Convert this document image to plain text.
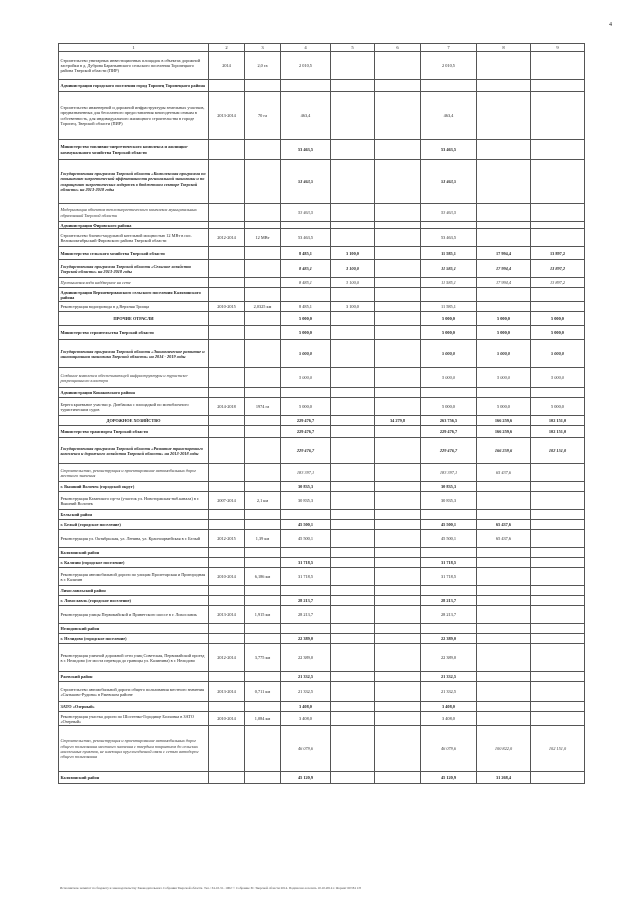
4
1	2	3	4	5	6	7	8	9
Строительство унитарных инвестиционных площадок в объектах дорожной застройки в д. Дуброва Бараньинского сельского поселения Торопецкого района Тверской области (ПИР)	2014	2,0 га	2 010,5			2 010,5		
Администрация городского поселения город Торопец Торопецкого района								
Строительство инженерной и дорожной инфраструктуры земельных участков, предназначенных для бесплатного предоставления многодетным семьям в собственность, для индивидуального жилищного строительства в городе Торопец, Тверской области (ПИР)	2013-2014	70 га	463,4			463,4		
Министерство топливно-энергетического комплекса и жилищно-коммунального хозяйства Тверской области			53 463,5			53 463,5		
Государственная программа Тверской области «Комплексная программа по повышению энергетической эффективности региональной экономики и по сокращению энергетических издержек в бюджетном секторе Тверской области» на 2013-2018 годы			53 463,5			53 463,5		
Модернизация объектов теплоэнергетического комплекса муниципальных образований Тверской области			53 463,5			53 463,5		
Администрация Фировского района								
Строительство блочно-модульной котельной мощностью 12 МВт в пос. Великооктябрьский Фировского района Тверской области	2012-2014	12 МВт	53 463,5			53 463,5		
Министерство сельского хозяйства Тверской области			8 485,1	3 100,0		11 585,1	17 994,4	13 897,2
Государственная программа Тверской области «Сельское хозяйство Тверской области» на 2013-2018 годы			8 485,1	3 100,0		11 585,1	17 994,4	13 897,2
Пустышевая вода наддверное на сете			8 485,1	3 100,0		11 585,1	17 994,4	13 897,2
Администрация Верхневерманского сельского поселения Калязинского района								
Реконструкция водопровода в д.Верхняя Троица	2010-2015	2,0325 км	8 485,1	3 100,0		11 585,1		
ПРОЧИЕ ОТРАСЛИ			5 000,0			5 000,0	5 000,0	5 000,0
Министерство строительства Тверской области			5 000,0			5 000,0	5 000,0	5 000,0
Государственная программа Тверской области «Экономическое развитие и инновационная экономика Тверской области» на 2014 - 2019 годы			5 000,0			5 000,0	5 000,0	5 000,0
Создание комплекса обеспечивающей инфраструктуры и туристско-рекреационного кластера			5 000,0			5 000,0	5 000,0	5 000,0
Администрация Конаковского района								
Берега краевьное участки р. Донбашка с площадкой по моноблочного туристическим судов	2014-2018	1974 га	5 000,0			5 000,0	5 000,0	5 000,0
ДОРОЖНОЕ ХОЗЯЙСТВО			229 476,7		34 279,8	263 756,5	166 259,6	102 151,0
Министерство транспорта Тверской области			229 476,7			229 476,7	166 259,6	102 151,0
Государственная программа Тверской области «Развитие транспортного комплекса и дорожного хозяйства Тверской области» на 2013-2018 годы			229 476,7			229 476,7	166 259,6	102 151,0
Строительство, реконструкция и проектирование автомобильных дорог местного значения			183 397,1			183 397,1	65 437,6	
г. Вышний Волочек (городской округ)			30 835,3			30 835,3		
Реконструкция Казанского пр-та (участок ул. Новоторжская-наб.канала) в г. Вышний Волочек	2007-2014	2,1 км	30 835,3			30 835,3		
Бельский район								
г. Белый (городское поселение)			45 500,1			45 500,1	65 437,6	
Реконструкция ул. Октябрьская, ул. Ленина, ул. Красноармейская в г. Белый	2012-2015	1,39 км	45 500,1			45 500,1	65 437,6	
Калязинский район								
г. Калязин (городское поселение)			31 718,5			31 718,5		
Реконструкция автомобильной дороги по улицам Пролетарская и Пригородная в г. Калязин	2010-2014	6,186 км	31 718,5			31 718,5		
Лихославльский район								
г. Лихославль (городское поселение)			28 213,7			28 213,7		
Реконструкция улицы Первомайской и Приветского шоссе в г. Лихославль	2013-2014	1,915 км	28 213,7			28 213,7		
Нелидовский район								
г. Нелидово (городское поселение)			22 389,0			22 389,0		
Реконструкция уличной дорожной сети улиц Советская, Первомайский проезд в г. Нелидово (от моста перевода до границы ул. Калинина) в г. Нелидово	2012-2014	3,775 км	22 389,0			22 389,0		
Ржевский район			21 332,5			21 332,5		
Строительство автомобильной дороги общего пользования местного значения «Сытьково-Рудина» в Ржевском районе	2013-2014	0,711 км	21 332,5			21 332,5		
ЗАТО «Озерный»			3 408,0			3 408,0		
Реконструкция участка дороги по Шостенко-Городище Болховка в ЗАТО «Озерный»	2010-2014	1,084 км	3 408,0			3 408,0		
Строительство, реконструкция и проектирование автомобильных дорог общего пользования местного значения с твердым покрытием до сельских населенных пунктов, не имеющих круглогодичной связи с сетью автодорог общего пользования			46 079,6			46 079,6	100 822,0	102 151,0
Калязинский район			45 120,9			45 120,9	31 268,4	
Исполнитель: комитет по бюджету и законодательству Законодательного Собрания Тверской области. Тел.: 34-10-51. 1002 © Собрание ЗС Тверской области 2014. Подписано в печать 10.10.2014 г. Формат 60×84 1/8
